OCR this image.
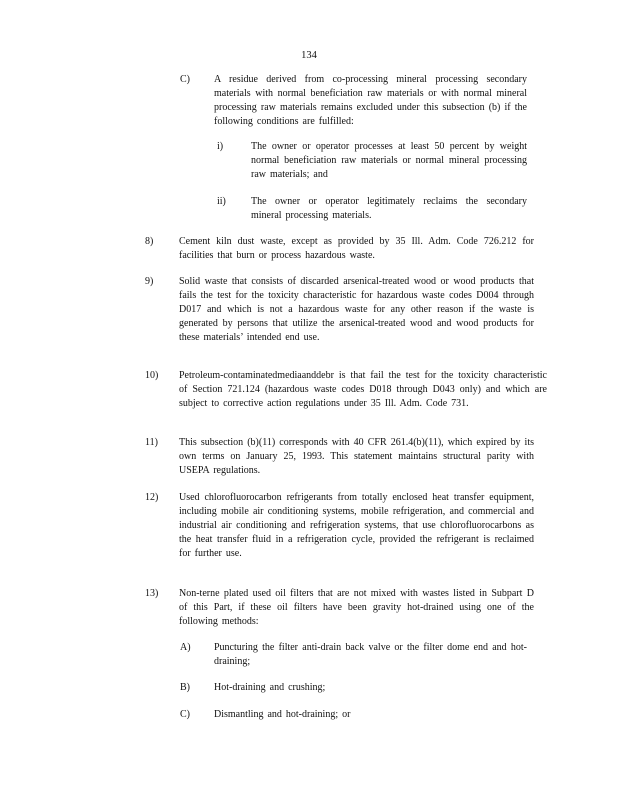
134
C) A residue derived from co-processing mineral processing secondary materials with normal beneficiation raw materials or with normal mineral processing raw materials remains excluded under this subsection (b) if the following conditions are fulfilled:
i)	The owner or operator processes at least 50 percent by weight normal beneficiation raw materials or normal mineral processing raw materials; and
ii)	The owner or operator legitimately reclaims the secondary mineral processing materials.
8)	Cement kiln dust waste, except as provided by 35 Ill. Adm. Code 726.212 for facilities that burn or process hazardous waste.
9)	Solid waste that consists of discarded arsenical-treated wood or wood products that fails the test for the toxicity characteristic for hazardous waste codes D004 through D017 and which is not a hazardous waste for any other reason if the waste is generated by persons that utilize the arsenical-treated wood and wood products for these materials’ intended end use.
10) Petroleum-contaminatedmediaanddebr is that fail the test for the toxicity characteristic of Section 721.124 (hazardous waste codes D018 through D043 only) and which are subject to corrective action regulations under 35 Ill. Adm. Code 731.
11) This subsection (b)(11) corresponds with 40 CFR 261.4(b)(11), which expired by its own terms on January 25, 1993. This statement maintains structural parity with USEPA regulations.
12) Used chlorofluorocarbon refrigerants from totally enclosed heat transfer equipment, including mobile air conditioning systems, mobile refrigeration, and commercial and industrial air conditioning and refrigeration systems, that use chlorofluorocarbons as the heat transfer fluid in a refrigeration cycle, provided the refrigerant is reclaimed for further use.
13) Non-terne plated used oil filters that are not mixed with wastes listed in Subpart D of this Part, if these oil filters have been gravity hot-drained using one of the following methods:
A) Puncturing the filter anti-drain back valve or the filter dome end and hot-draining;
B) Hot-draining and crushing;
C) Dismantling and hot-draining; or
